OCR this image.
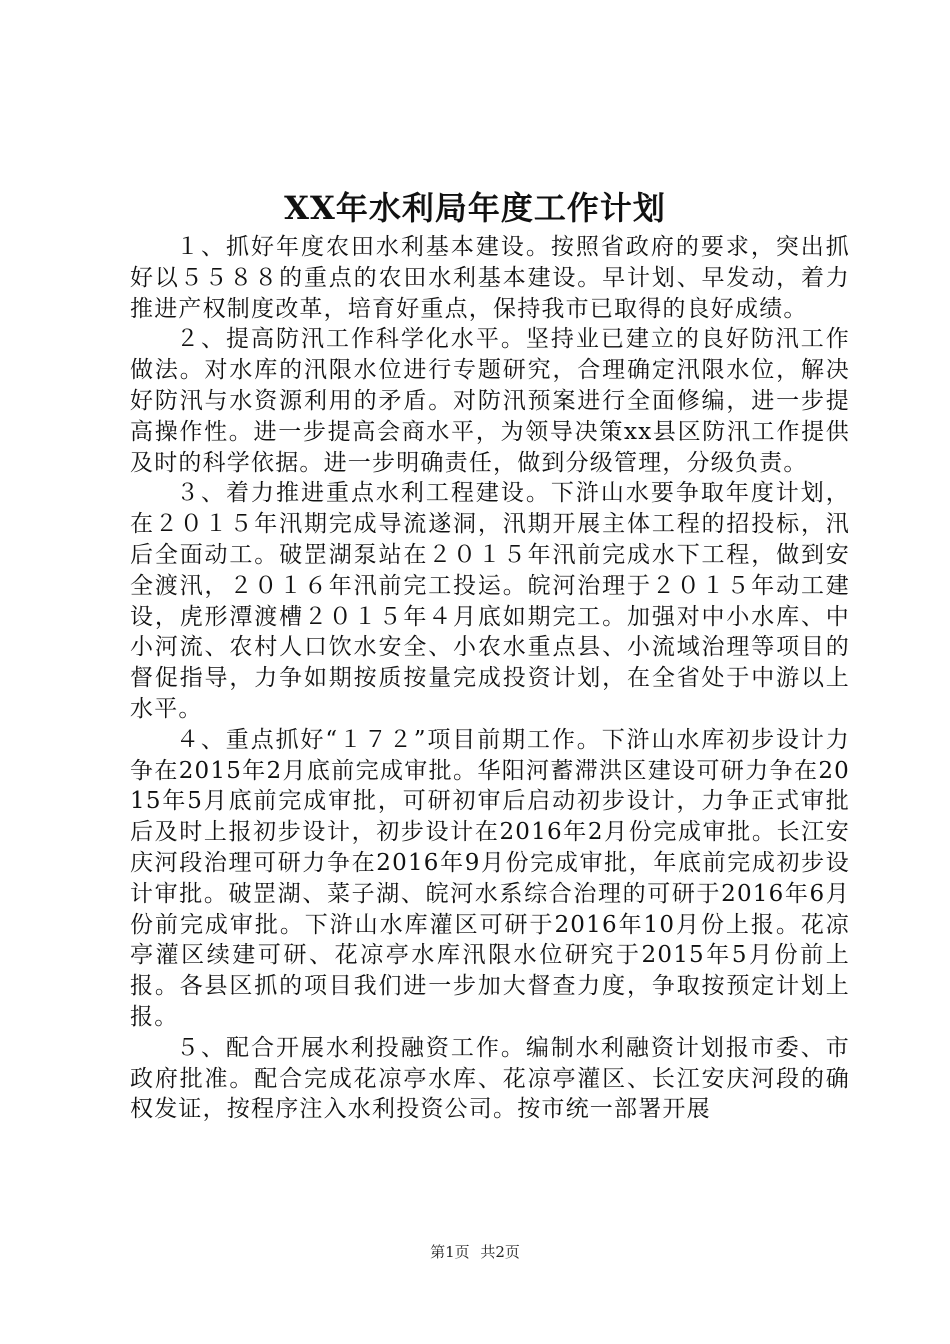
XX年水利局年度工作计划

１、抓好年度农田水利基本建设。按照省政府的要求，突出抓好以５５８８的重点的农田水利基本建设。早计划、早发动，着力推进产权制度改革，培育好重点，保持我市已取得的良好成绩。

２、提高防汛工作科学化水平。坚持业已建立的良好防汛工作做法。对水库的汛限水位进行专题研究，合理确定汛限水位，解决好防汛与水资源利用的矛盾。对防汛预案进行全面修编，进一步提高操作性。进一步提高会商水平，为领导决策xx县区防汛工作提供及时的科学依据。进一步明确责任，做到分级管理，分级负责。

３、着力推进重点水利工程建设。下浒山水要争取年度计划，在２０１５年汛期完成导流遂洞，汛期开展主体工程的招投标，汛后全面动工。破罡湖泵站在２０１５年汛前完成水下工程，做到安全渡汛，２０１６年汛前完工投运。皖河治理于２０１５年动工建设，虎形潭渡槽２０１５年４月底如期完工。加强对中小水库、中小河流、农村人口饮水安全、小农水重点县、小流域治理等项目的督促指导，力争如期按质按量完成投资计划，在全省处于中游以上水平。

４、重点抓好“１７２”项目前期工作。下浒山水库初步设计力争在2015年2月底前完成审批。华阳河蓄滞洪区建设可研力争在2015年5月底前完成审批，可研初审后启动初步设计，力争正式审批后及时上报初步设计，初步设计在2016年2月份完成审批。长江安庆河段治理可研力争在2016年9月份完成审批，年底前完成初步设计审批。破罡湖、菜子湖、皖河水系综合治理的可研于2016年6月份前完成审批。下浒山水库灌区可研于2016年10月份上报。花凉亭灌区续建可研、花凉亭水库汛限水位研究于2015年5月份前上报。各县区抓的项目我们进一步加大督查力度，争取按预定计划上报。

５、配合开展水利投融资工作。编制水利融资计划报市委、市政府批准。配合完成花凉亭水库、花凉亭灌区、长江安庆河段的确权发证，按程序注入水利投资公司。按市统一部署开展

第1页 共2页
